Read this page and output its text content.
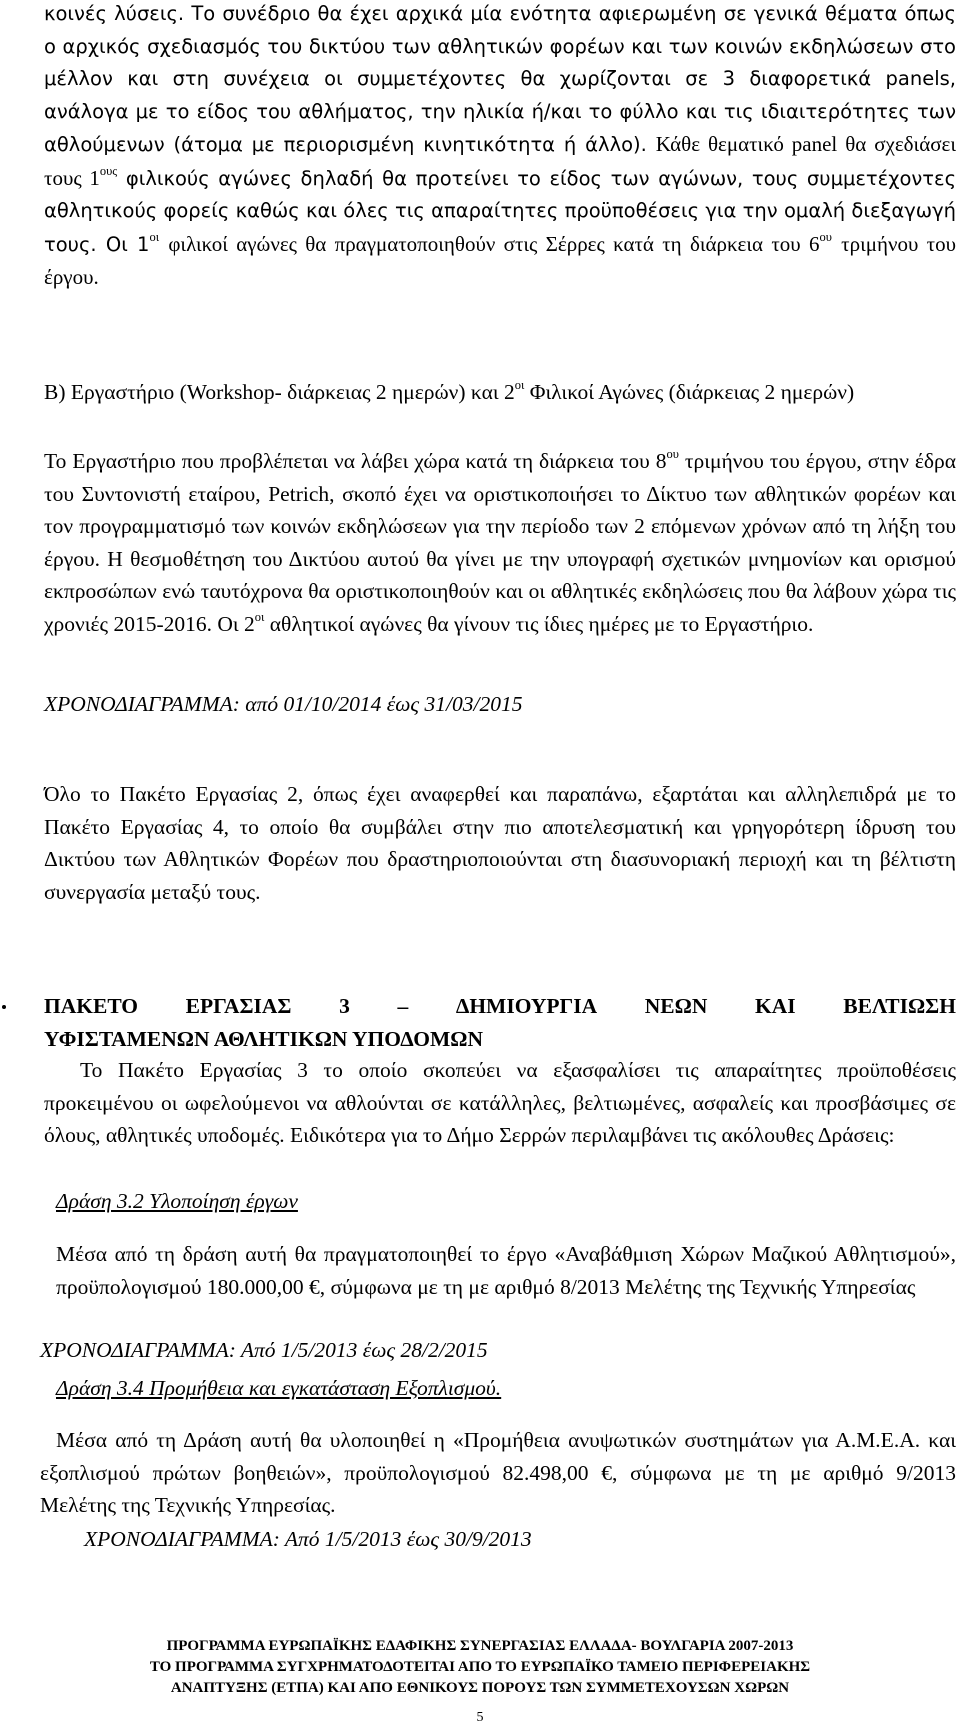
κοινές λύσεις. Το συνέδριο θα έχει αρχικά μία ενότητα αφιερωμένη σε γενικά θέματα όπως ο αρχικός σχεδιασμός του δικτύου των αθλητικών φορέων και των κοινών εκδηλώσεων στο μέλλον και στη συνέχεια οι συμμετέχοντες θα χωρίζονται σε 3 διαφορετικά panels, ανάλογα με το είδος του αθλήματος, την ηλικία ή/και το φύλλο και τις ιδιαιτερότητες των αθλούμενων (άτομα με περιορισμένη κινητικότητα ή άλλο). Κάθε θεματικό panel θα σχεδιάσει τους $1^{o\upsilon\varsigma}$ φιλικούς αγώνες δηλαδή θα προτείνει το είδος των αγώνων, τους συμμετέχοντες αθλητικούς φορείς καθώς και όλες τις απαραίτητες προϋποθέσεις για την ομαλή διεξαγωγή τους. Οι $1^{o\iota}$ φιλικοί αγώνες θα πραγματοποιηθούν στις Σέρρες κατά τη διάρκεια του $6^{o\upsilon}$ τριμήνου του έργου.
Β) Εργαστήριο (Workshop- διάρκειας 2 ημερών) και $2^{o\iota}$ Φιλικοί Αγώνες (διάρκειας 2 ημερών)
Το Εργαστήριο που προβλέπεται να λάβει χώρα κατά τη διάρκεια του $8^{o\upsilon}$ τριμήνου του έργου, στην έδρα του Συντονιστή εταίρου, Petrich, σκοπό έχει να οριστικοποιήσει το Δίκτυο των αθλητικών φορέων και τον προγραμματισμό των κοινών εκδηλώσεων για την περίοδο των 2 επόμενων χρόνων από τη λήξη του έργου. Η θεσμοθέτηση του Δικτύου αυτού θα γίνει με την υπογραφή σχετικών μνημονίων και ορισμού εκπροσώπων ενώ ταυτόχρονα θα οριστικοποιηθούν και οι αθλητικές εκδηλώσεις που θα λάβουν χώρα τις χρονιές 2015-2016. Οι $2^{o\iota}$ αθλητικοί αγώνες θα γίνουν τις ίδιες ημέρες με το Εργαστήριο.
ΧΡΟΝΟΔΙΑΓΡΑΜΜΑ: από 01/10/2014 έως 31/03/2015
Όλο το Πακέτο Εργασίας 2, όπως έχει αναφερθεί και παραπάνω, εξαρτάται και αλληλεπιδρά με το Πακέτο Εργασίας 4, το οποίο θα συμβάλει στην πιο αποτελεσματική και γρηγορότερη ίδρυση του Δικτύου των Αθλητικών Φορέων που δραστηριοποιούνται στη διασυνοριακή περιοχή και τη βέλτιστη συνεργασία μεταξύ τους.
ΠΑΚΕΤΟ ΕΡΓΑΣΙΑΣ 3 – ΔΗΜΙΟΥΡΓΙΑ ΝΕΩΝ ΚΑΙ ΒΕΛΤΙΩΣΗ
ΥΦΙΣΤΑΜΕΝΩΝ ΑΘΛΗΤΙΚΩΝ ΥΠΟΔΟΜΩΝ
Το Πακέτο Εργασίας 3 το οποίο σκοπεύει να εξασφαλίσει τις απαραίτητες προϋποθέσεις προκειμένου οι ωφελούμενοι να αθλούνται σε κατάλληλες, βελτιωμένες, ασφαλείς και προσβάσιμες σε όλους, αθλητικές υποδομές. Ειδικότερα για το Δήμο Σερρών περιλαμβάνει τις ακόλουθες Δράσεις:
Δράση 3.2 Υλοποίηση έργων
Μέσα από τη δράση αυτή θα πραγματοποιηθεί το έργο «Αναβάθμιση Χώρων Μαζικού Αθλητισμού», προϋπολογισμού 180.000,00 €, σύμφωνα με τη με αριθμό 8/2013 Μελέτης της Τεχνικής Υπηρεσίας
ΧΡΟΝΟΔΙΑΓΡΑΜΜΑ: Από 1/5/2013 έως 28/2/2015
Δράση 3.4 Προμήθεια και εγκατάσταση Εξοπλισμού.
Μέσα από τη Δράση αυτή θα υλοποιηθεί η «Προμήθεια ανυψωτικών συστημάτων για Α.Μ.Ε.Α. και εξοπλισμού πρώτων βοηθειών», προϋπολογισμού 82.498,00 €, σύμφωνα με τη με αριθμό 9/2013 Μελέτης της Τεχνικής Υπηρεσίας.
ΧΡΟΝΟΔΙΑΓΡΑΜΜΑ: Από 1/5/2013 έως 30/9/2013
ΠΡΟΓΡΑΜΜΑ ΕΥΡΩΠΑΪΚΗΣ ΕΔΑΦΙΚΗΣ ΣΥΝΕΡΓΑΣΙΑΣ ΕΛΛΑΔΑ- ΒΟΥΛΓΑΡΙΑ 2007-2013
ΤΟ ΠΡΟΓΡΑΜΜΑ ΣΥΓΧΡΗΜΑΤΟΔΟΤΕΙΤΑΙ ΑΠΟ ΤΟ ΕΥΡΩΠΑΪΚΟ ΤΑΜΕΙΟ ΠΕΡΙΦΕΡΕΙΑΚΗΣ
ΑΝΑΠΤΥΞΗΣ (ΕΤΠΑ) ΚΑΙ ΑΠΟ ΕΘΝΙΚΟΥΣ ΠΟΡΟΥΣ ΤΩΝ ΣΥΜΜΕΤΕΧΟΥΣΩΝ ΧΩΡΩΝ
5
